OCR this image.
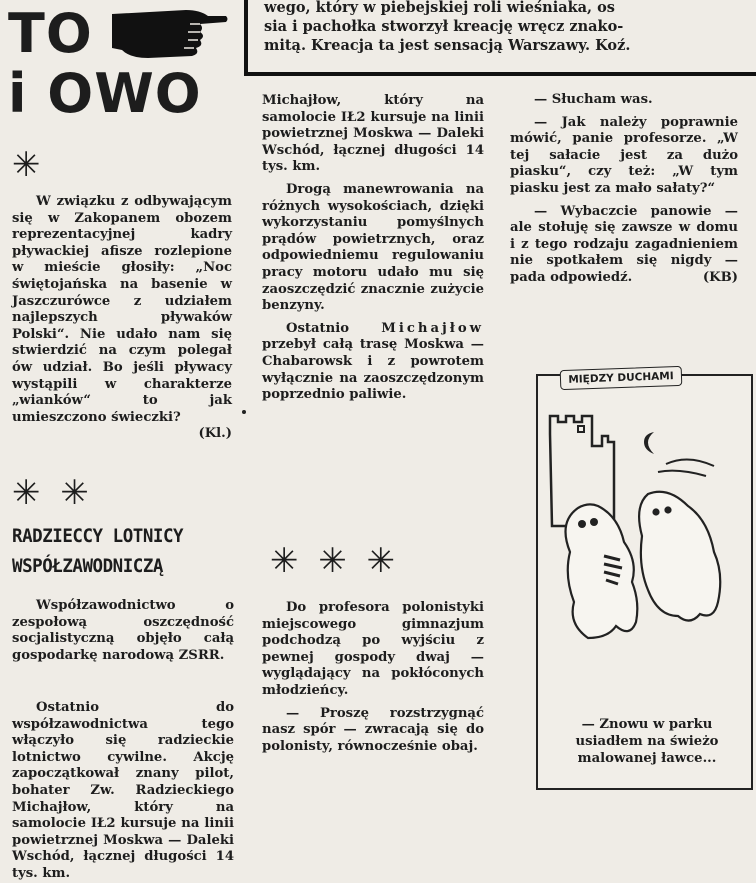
TO
i OWO
wego, który w piebejskiej roli wieśniaka, os
sia i pachołka stworzył kreację wręcz znako-
mitą. Kreacja ta jest sensacją Warszawy. Koź.
✳

W związku z odbywającym się w Zakopanem obozem reprezentacyjnej kadry pływackiej afisze rozlepione w mieście głosiły: „Noc świętojańska na basenie w Jaszczurówce z udziałem najlepszych pływaków Polski“. Nie udało nam się stwierdzić na czym polegał ów udział. Bo jeśli pływacy wystąpili w charakterze „wianków“ to jak umieszczono świeczki?
(Kl.)

✳ ✳
RADZIECCY LOTNICY
WSPÓŁZAWODNICZĄ

Współzawodnictwo o zespołową oszczędność socjalistyczną objęło całą gospodarkę narodową ZSRR.

Ostatnio do współzawodnictwa tego włączyło się radzieckie lotnictwo cywilne. Akcję zapoczątkował znany pilot, bohater Zw. Radzieckiego Michajłow, który na samolocie IŁ2 kursuje na linii powietrznej Moskwa — Daleki Wschód, łącznej długości 14 tys. km.

Michajłow, który na samolocie IŁ2 kursuje na linii powietrznej Moskwa — Daleki Wschód, łącznej długości 14 tys. km.

Drogą manewrowania na różnych wysokościach, dzięki wykorzystaniu pomyślnych prądów powietrznych, oraz odpowiedniemu regulowaniu pracy motoru udało mu się zaoszczędzić znacznie zużycie benzyny.

Ostatnio Michajłow przebył całą trasę Moskwa — Chabarowsk i z powrotem wyłącznie na zaoszczędzonym poprzednio paliwie.

✳ ✳ ✳

Do profesora polonistyki miejscowego gimnazjum podchodzą po wyjściu z pewnej gospody dwaj — wyglądający na pokłóconych młodzieńcy.

— Proszę rozstrzygnąć nasz spór — zwracają się do polonisty, równocześnie obaj.

— Słucham was.

— Jak należy poprawnie mówić, panie profesorze. „W tej sałacie jest za dużo piasku“, czy też: „W tym piasku jest za mało sałaty?“

— Wybaczcie panowie — ale stołuję się zawsze w domu i z tego rodzaju zagadnieniem nie spotkałem się nigdy — pada odpowiedź.	(KB)

MIĘDZY DUCHAMI
— Znowu w parku usiadłem na świeżo malowanej ławce...
